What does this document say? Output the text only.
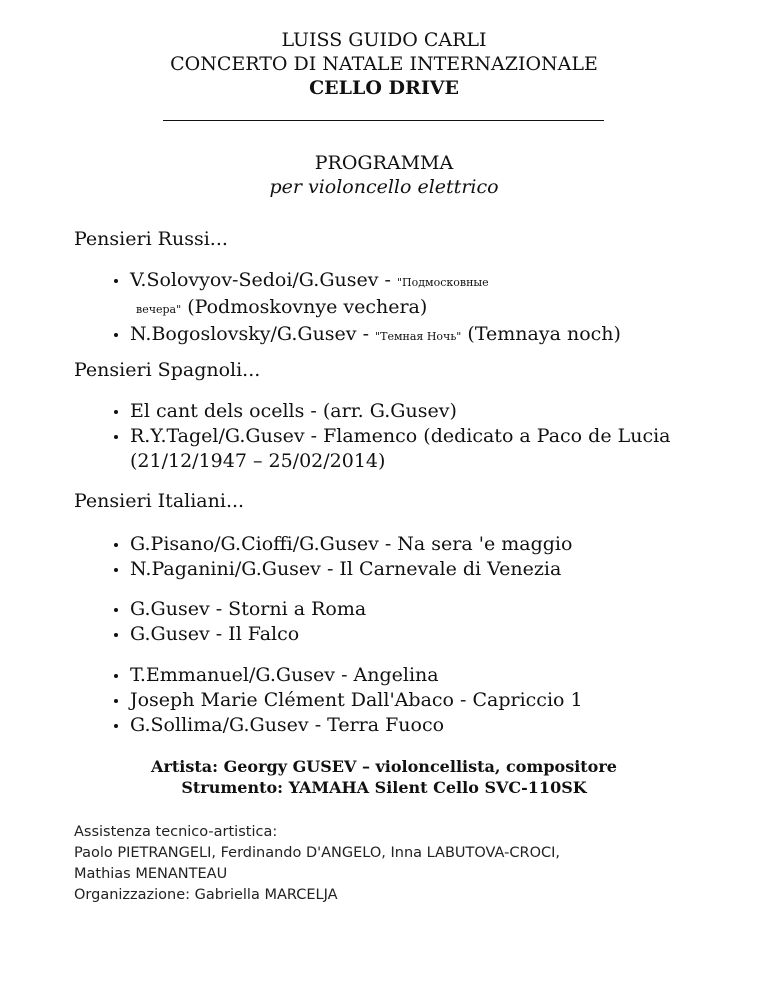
LUISS GUIDO CARLI
CONCERTO DI NATALE INTERNAZIONALE
CELLO DRIVE
PROGRAMMA
per violoncello elettrico
Pensieri Russi...
V.Solovyov-Sedoi/G.Gusev - "Подмосковные
вечера" (Podmoskovnye vechera)
N.Bogoslovsky/G.Gusev - "Темная Ночь" (Temnaya noch)
Pensieri Spagnoli...
El cant dels ocells - (arr. G.Gusev)
R.Y.Tagel/G.Gusev - Flamenco (dedicato a Paco de Lucia (21/12/1947 – 25/02/2014)
Pensieri Italiani...
G.Pisano/G.Cioffi/G.Gusev - Na sera 'e maggio
N.Paganini/G.Gusev - Il Carnevale di Venezia
G.Gusev - Storni a Roma
G.Gusev - Il Falco
T.Emmanuel/G.Gusev - Angelina
Joseph Marie Clément Dall'Abaco - Capriccio 1
G.Sollima/G.Gusev - Terra Fuoco
Artista: Georgy GUSEV – violoncellista, compositore
Strumento: YAMAHA Silent Cello SVC-110SK
Assistenza tecnico-artistica:
Paolo PIETRANGELI, Ferdinando D'ANGELO, Inna LABUTOVA-CROCI,
Mathias MENANTEAU
Organizzazione: Gabriella MARCELJA
